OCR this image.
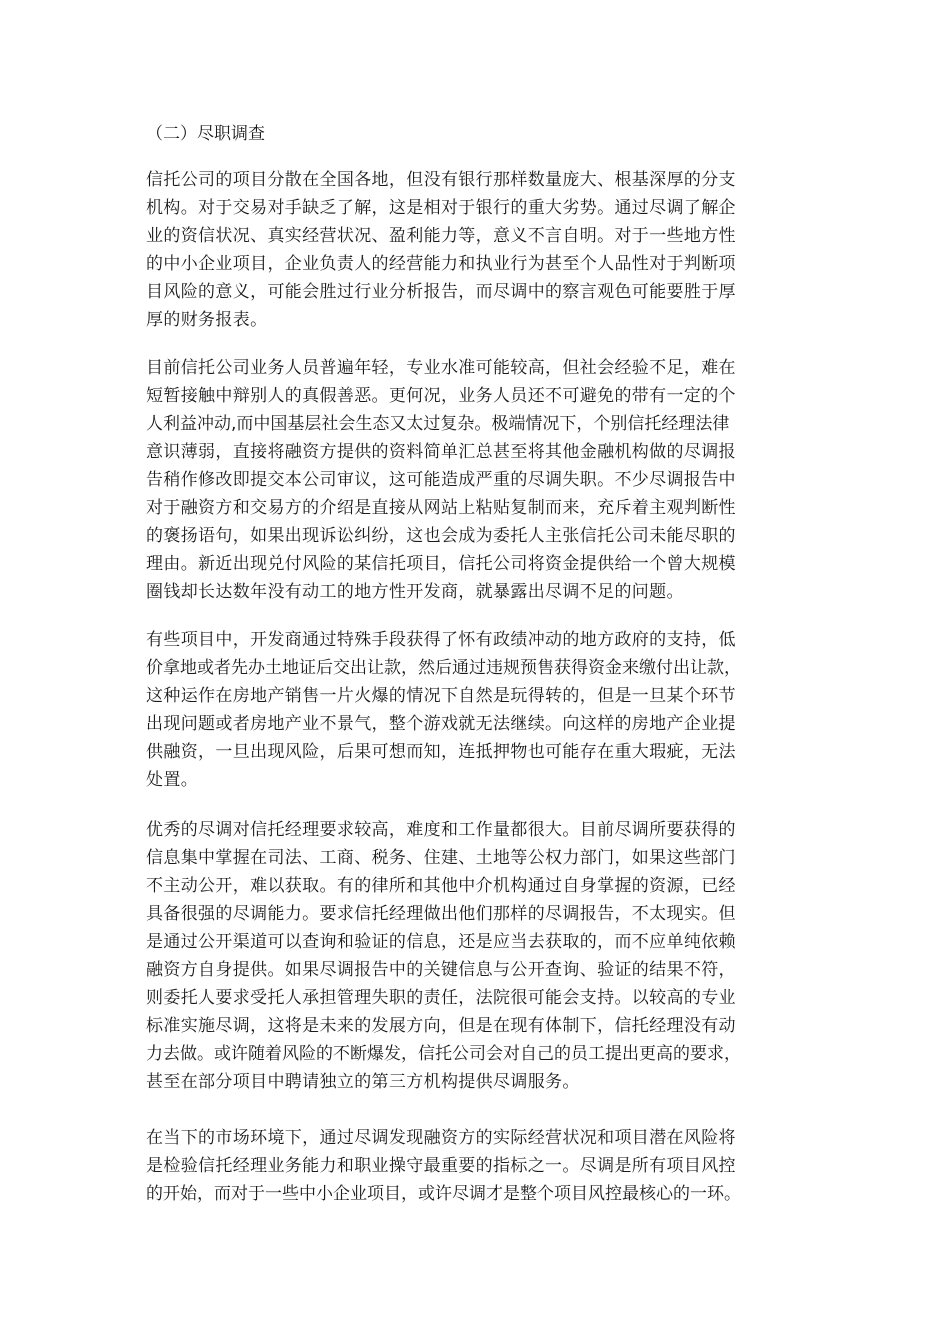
（二）尽职调查
信托公司的项目分散在全国各地，但没有银行那样数量庞大、根基深厚的分支
机构。对于交易对手缺乏了解，这是相对于银行的重大劣势。通过尽调了解企
业的资信状况、真实经营状况、盈利能力等，意义不言自明。对于一些地方性
的中小企业项目，企业负责人的经营能力和执业行为甚至个人品性对于判断项
目风险的意义，可能会胜过行业分析报告，而尽调中的察言观色可能要胜于厚
厚的财务报表。
目前信托公司业务人员普遍年轻，专业水准可能较高，但社会经验不足，难在
短暂接触中辩别人的真假善恶。更何况，业务人员还不可避免的带有一定的个
人利益冲动,而中国基层社会生态又太过复杂。极端情况下，个别信托经理法律
意识薄弱，直接将融资方提供的资料简单汇总甚至将其他金融机构做的尽调报
告稍作修改即提交本公司审议，这可能造成严重的尽调失职。不少尽调报告中
对于融资方和交易方的介绍是直接从网站上粘贴复制而来，充斥着主观判断性
的褒扬语句，如果出现诉讼纠纷，这也会成为委托人主张信托公司未能尽职的
理由。新近出现兑付风险的某信托项目，信托公司将资金提供给一个曾大规模
圈钱却长达数年没有动工的地方性开发商，就暴露出尽调不足的问题。
有些项目中，开发商通过特殊手段获得了怀有政绩冲动的地方政府的支持，低
价拿地或者先办土地证后交出让款，然后通过违规预售获得资金来缴付出让款，
这种运作在房地产销售一片火爆的情况下自然是玩得转的，但是一旦某个环节
出现问题或者房地产业不景气，整个游戏就无法继续。向这样的房地产企业提
供融资，一旦出现风险，后果可想而知，连抵押物也可能存在重大瑕疵，无法
处置。
优秀的尽调对信托经理要求较高，难度和工作量都很大。目前尽调所要获得的
信息集中掌握在司法、工商、税务、住建、土地等公权力部门，如果这些部门
不主动公开，难以获取。有的律所和其他中介机构通过自身掌握的资源，已经
具备很强的尽调能力。要求信托经理做出他们那样的尽调报告，不太现实。但
是通过公开渠道可以查询和验证的信息，还是应当去获取的，而不应单纯依赖
融资方自身提供。如果尽调报告中的关键信息与公开查询、验证的结果不符，
则委托人要求受托人承担管理失职的责任，法院很可能会支持。以较高的专业
标准实施尽调，这将是未来的发展方向，但是在现有体制下，信托经理没有动
力去做。或许随着风险的不断爆发，信托公司会对自己的员工提出更高的要求，
甚至在部分项目中聘请独立的第三方机构提供尽调服务。
在当下的市场环境下，通过尽调发现融资方的实际经营状况和项目潜在风险将
是检验信托经理业务能力和职业操守最重要的指标之一。尽调是所有项目风控
的开始，而对于一些中小企业项目，或许尽调才是整个项目风控最核心的一环。
